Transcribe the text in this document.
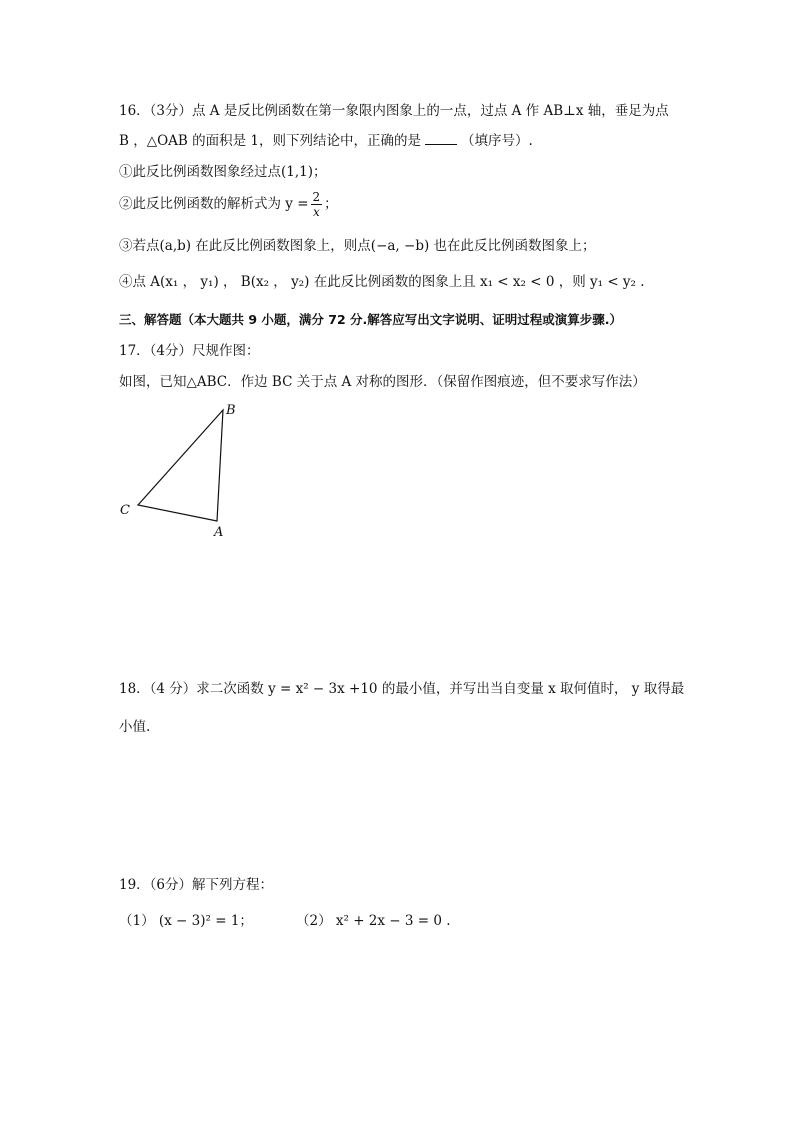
16．（3分）点 A 是反比例函数在第一象限内图象上的一点，过点 A 作 AB⊥x 轴，垂足为点
B ，△OAB 的面积是 1，则下列结论中，正确的是	（填序号）.
①此反比例函数图象经过点(1,1)；
②此反比例函数的解析式为 $y = \frac{2}{x}$ ；
③若点(a,b) 在此反比例函数图象上，则点(−a, −b) 也在此反比例函数图象上；
④点 A(x₁ ， y₁) ， B(x₂ ， y₂) 在此反比例函数的图象上且 x₁ < x₂ < 0 ，则 y₁ < y₂ .
三、解答题（本大题共 9 小题，满分 72 分.解答应写出文字说明、证明过程或演算步骤.）
17．（4分）尺规作图：
如图，已知△ABC．作边 BC 关于点 A 对称的图形．（保留作图痕迹，但不要求写作法）
B
C
A
18．（4 分）求二次函数 y = x² − 3x +10 的最小值，并写出当自变量 x 取何值时， y 取得最
小值.
19．（6分）解下列方程：
（1） (x − 3)² = 1；	（2） x² + 2x − 3 = 0 .
